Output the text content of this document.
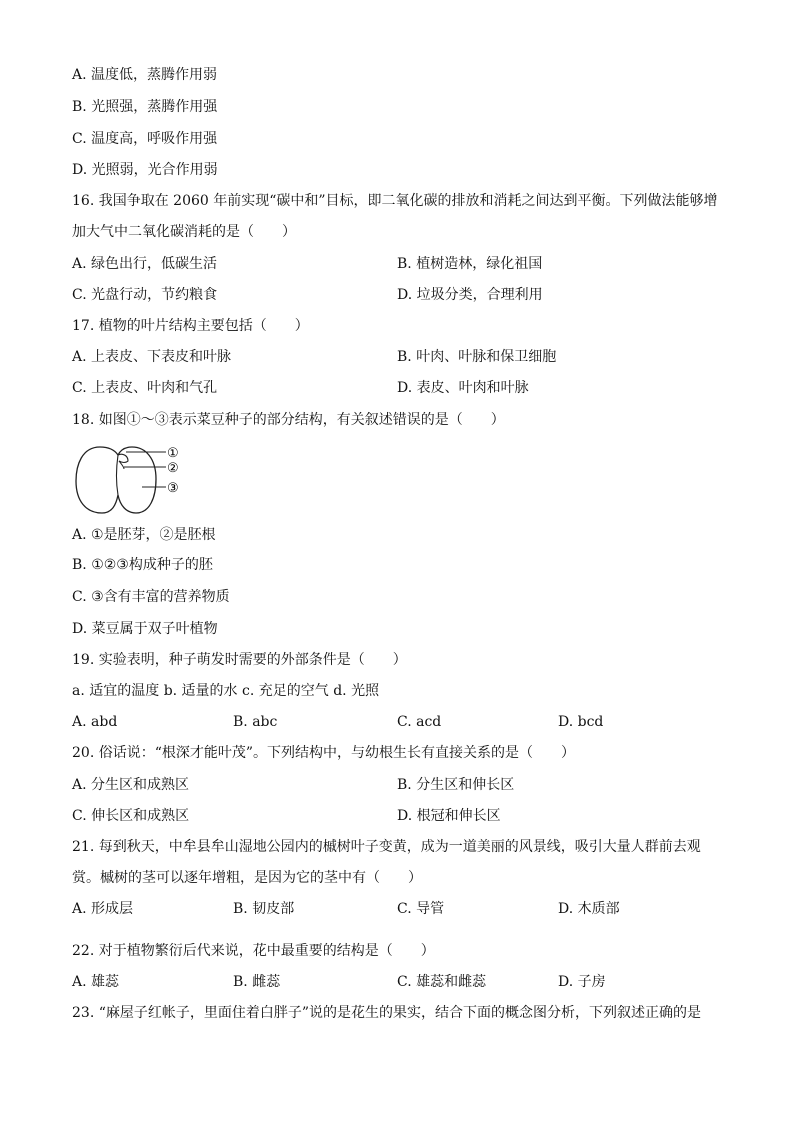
A. 温度低，蒸腾作用弱
B. 光照强，蒸腾作用强
C. 温度高，呼吸作用强
D. 光照弱，光合作用弱
16. 我国争取在 2060 年前实现“碳中和”目标，即二氧化碳的排放和消耗之间达到平衡。下列做法能够增
加大气中二氧化碳消耗的是（　　）
A. 绿色出行，低碳生活	B. 植树造林，绿化祖国
C. 光盘行动，节约粮食	D. 垃圾分类，合理利用
17. 植物的叶片结构主要包括（　　）
A. 上表皮、下表皮和叶脉	B. 叶肉、叶脉和保卫细胞
C. 上表皮、叶肉和气孔	D. 表皮、叶肉和叶脉
18. 如图①～③表示菜豆种子的部分结构，有关叙述错误的是（　　）
①
②
③
A. ①是胚芽，②是胚根
B. ①②③构成种子的胚
C. ③含有丰富的营养物质
D. 菜豆属于双子叶植物
19. 实验表明，种子萌发时需要的外部条件是（　　）
a. 适宜的温度 b. 适量的水 c. 充足的空气 d. 光照
A. abd	B. abc	C. acd	D. bcd
20. 俗话说：“根深才能叶茂”。下列结构中，与幼根生长有直接关系的是（　　）
A. 分生区和成熟区	B. 分生区和伸长区
C. 伸长区和成熟区	D. 根冠和伸长区
21. 每到秋天，中牟县牟山湿地公园内的槭树叶子变黄，成为一道美丽的风景线，吸引大量人群前去观
赏。槭树的茎可以逐年增粗，是因为它的茎中有（　　）
A. 形成层	B. 韧皮部	C. 导管	D. 木质部
22. 对于植物繁衍后代来说，花中最重要的结构是（　　）
A. 雄蕊	B. 雌蕊	C. 雄蕊和雌蕊	D. 子房
23. “麻屋子红帐子，里面住着白胖子”说的是花生的果实，结合下面的概念图分析，下列叙述正确的是
